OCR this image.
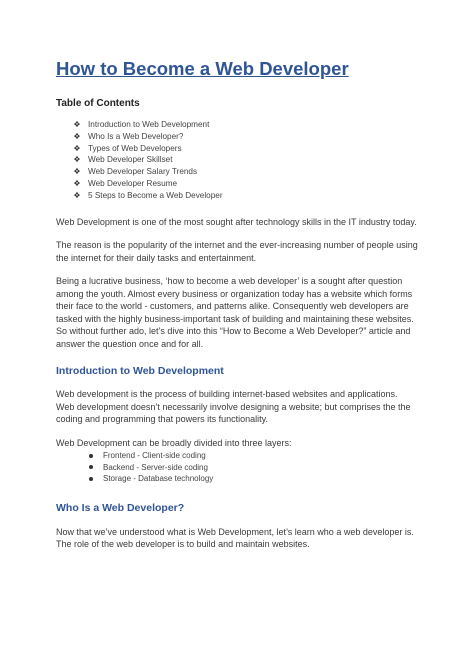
How to Become a Web Developer
Table of Contents
❖ Introduction to Web Development
❖ Who Is a Web Developer?
❖ Types of Web Developers
❖ Web Developer Skillset
❖ Web Developer Salary Trends
❖ Web Developer Resume
❖ 5 Steps to Become a Web Developer

Web Development is one of the most sought after technology skills in the IT industry today.

The reason is the popularity of the internet and the ever-increasing number of people using the internet for their daily tasks and entertainment.

Being a lucrative business, ‘how to become a web developer’ is a sought after question among the youth. Almost every business or organization today has a website which forms their face to the world - customers, and patterns alike. Consequently web developers are tasked with the highly business-important task of building and maintaining these websites. So without further ado, let’s dive into this “How to Become a Web Developer?” article and answer the question once and for all.

Introduction to Web Development

Web development is the process of building internet-based websites and applications. Web development doesn’t necessarily involve designing a website; but comprises the the coding and programming that powers its functionality.

Web Development can be broadly divided into three layers:

Frontend - Client-side coding
Backend - Server-side coding
Storage - Database technology
Who Is a Web Developer?

Now that we’ve understood what is Web Development, let’s learn who a web developer is. The role of the web developer is to build and maintain websites.
